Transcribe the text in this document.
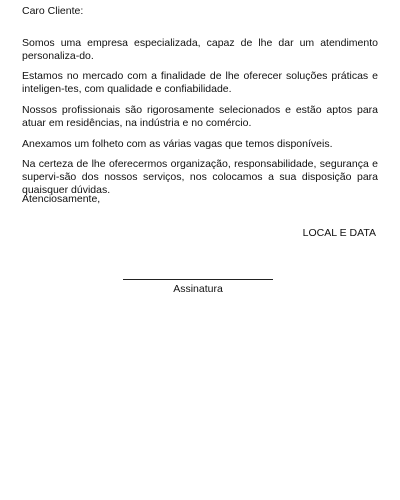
Caro Cliente:

Somos uma empresa especializada, capaz de lhe dar um atendimento personaliza-do.

Estamos no mercado com a finalidade de lhe oferecer soluções práticas e inteligen-tes, com qualidade e confiabilidade.

Nossos profissionais são rigorosamente selecionados e estão aptos para atuar em residências, na indústria e no comércio.

Anexamos um folheto com as várias vagas que temos disponíveis.

Na certeza de lhe oferecermos organização, responsabilidade, segurança e supervi-são dos nossos serviços, nos colocamos a sua disposição para quaisquer dúvidas.

Atenciosamente,

LOCAL E DATA

Assinatura
